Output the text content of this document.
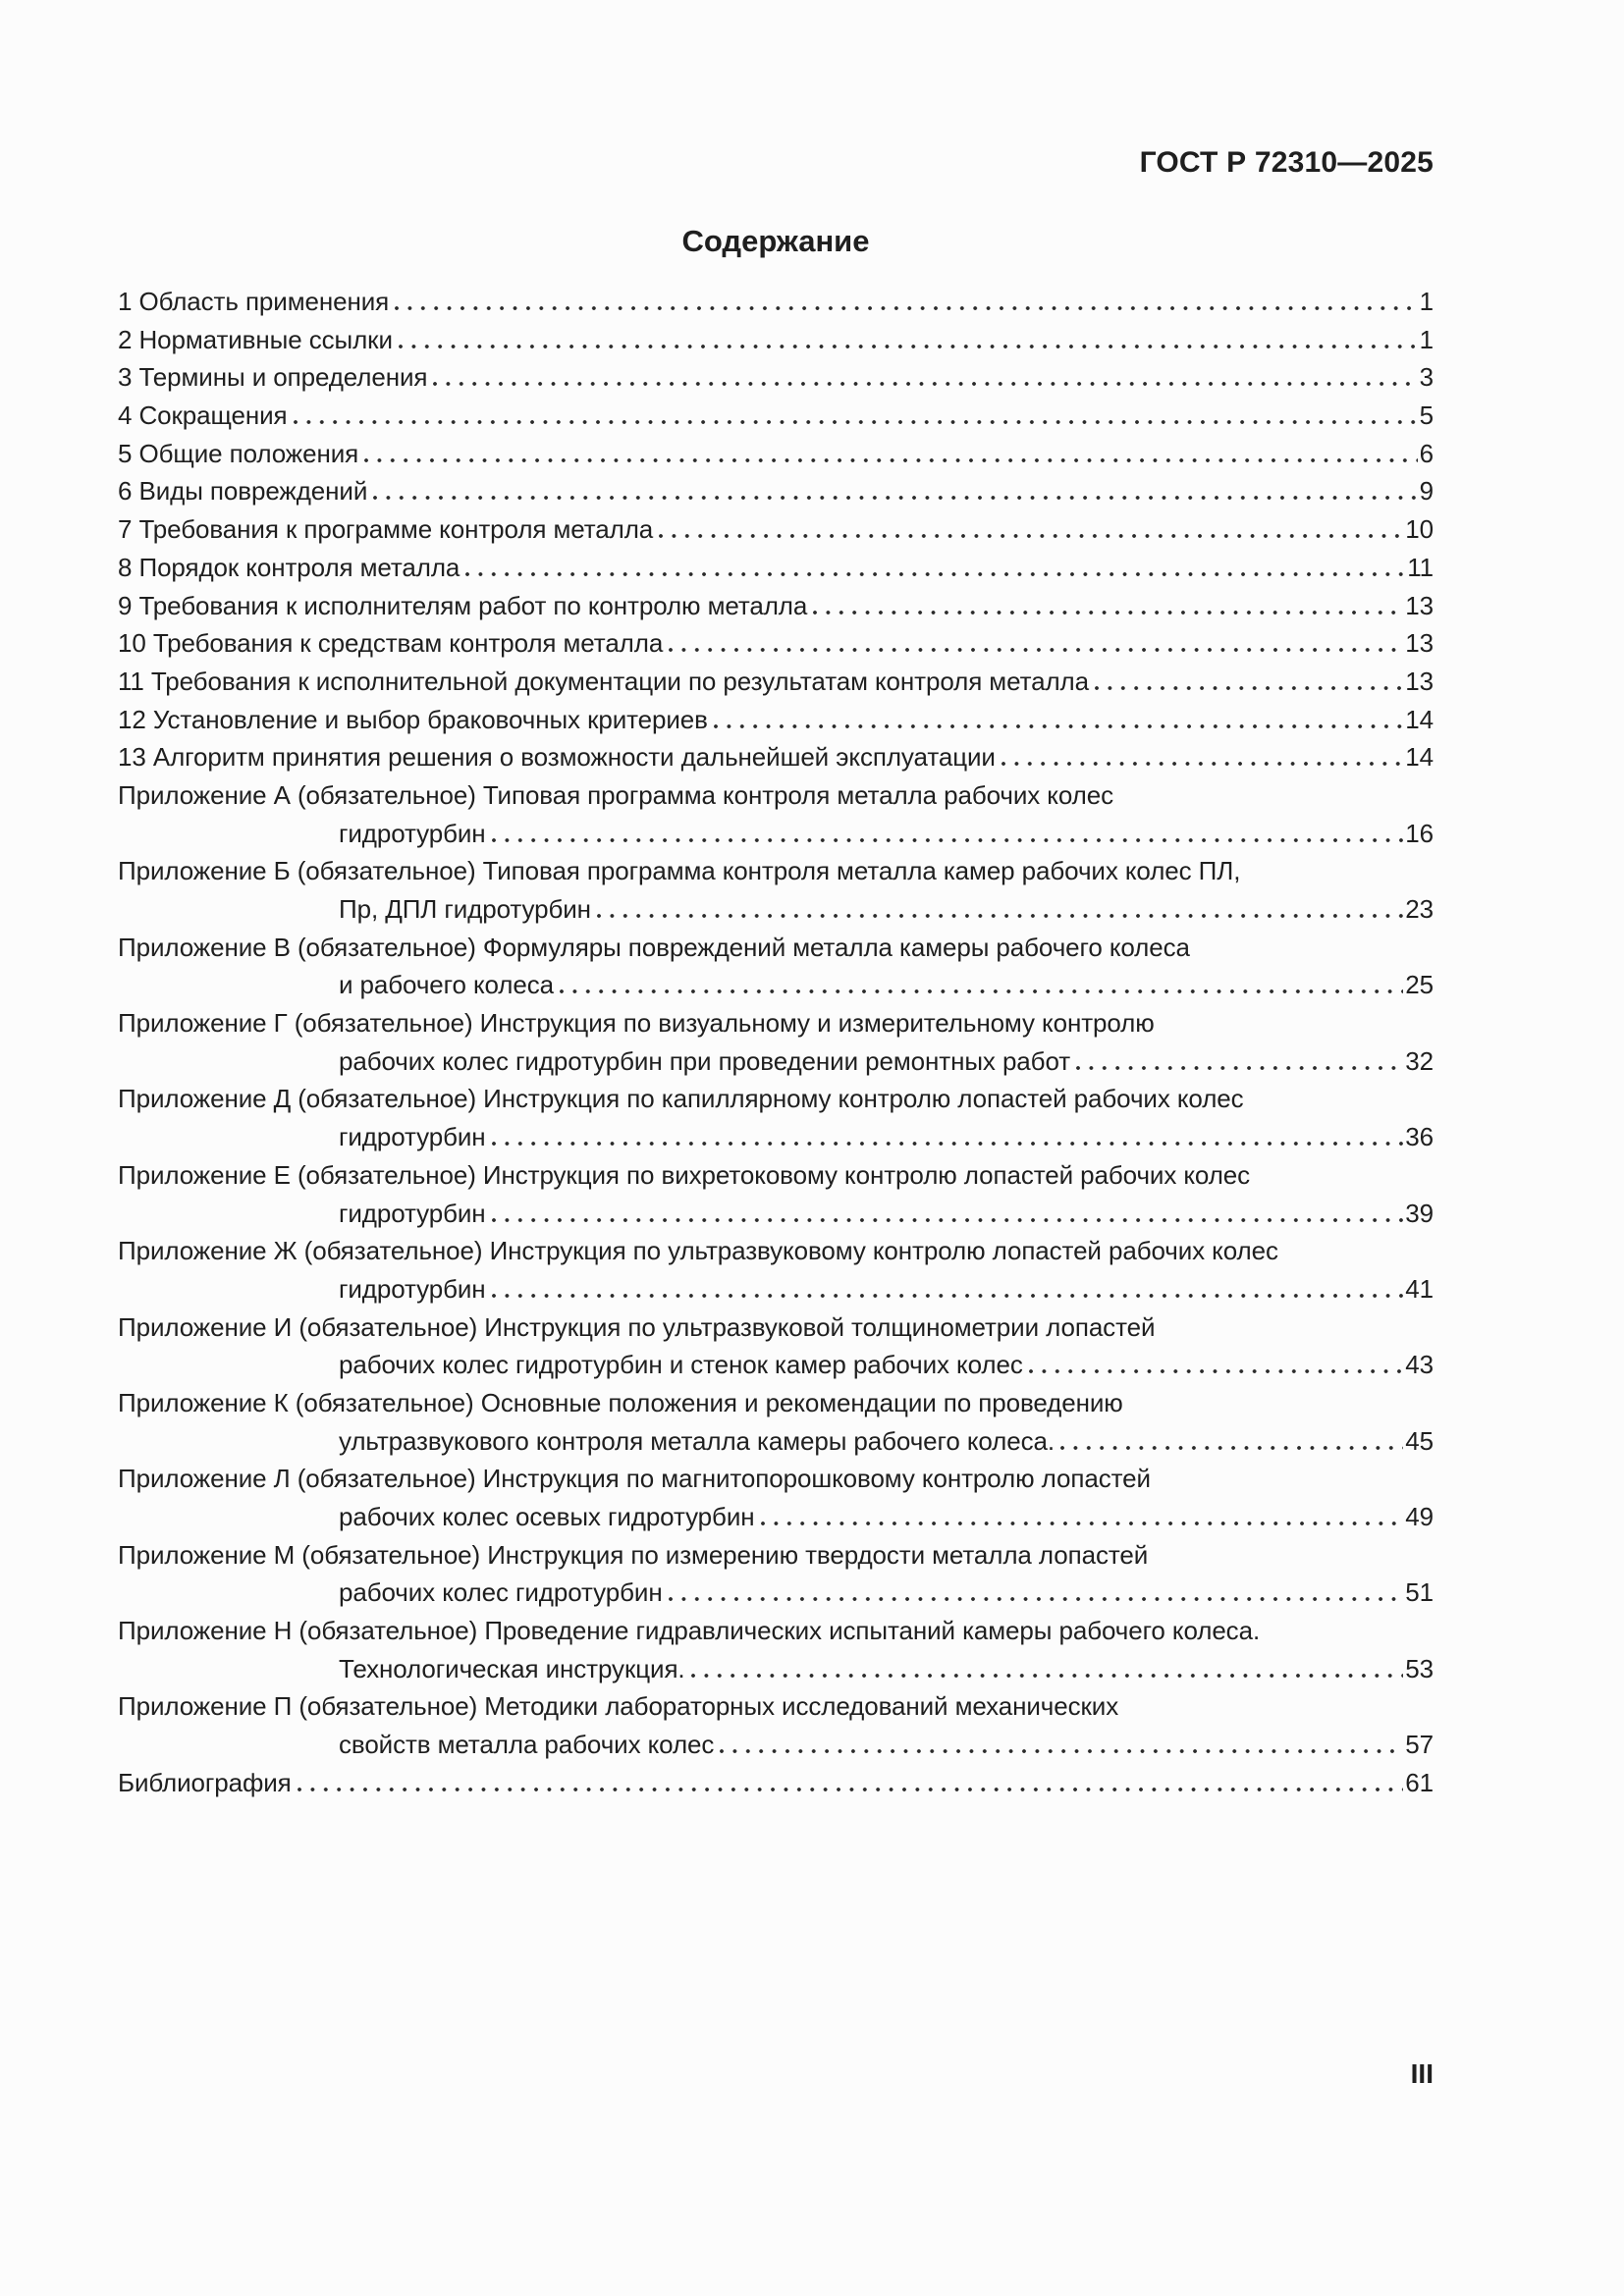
ГОСТ Р 72310—2025
Содержание
1 Область применения	1
2 Нормативные ссылки	1
3 Термины и определения	3
4 Сокращения	5
5 Общие положения	6
6 Виды повреждений	9
7 Требования к программе контроля металла	10
8 Порядок контроля металла	11
9 Требования к исполнителям работ по контролю металла	13
10 Требования к средствам контроля металла	13
11 Требования к исполнительной документации по результатам контроля металла	13
12 Установление и выбор браковочных критериев	14
13 Алгоритм принятия решения о возможности дальнейшей эксплуатации	14
Приложение А (обязательное) Типовая программа контроля металла рабочих колес
гидротурбин	16
Приложение Б (обязательное) Типовая программа контроля металла камер рабочих колес ПЛ,
Пр, ДПЛ гидротурбин	23
Приложение В (обязательное) Формуляры повреждений металла камеры рабочего колеса
и рабочего колеса	25
Приложение Г (обязательное) Инструкция по визуальному и измерительному контролю
рабочих колес гидротурбин при проведении ремонтных работ	32
Приложение Д (обязательное) Инструкция по капиллярному контролю лопастей рабочих колес
гидротурбин	36
Приложение Е (обязательное) Инструкция по вихретоковому контролю лопастей рабочих колес
гидротурбин	39
Приложение Ж (обязательное) Инструкция по ультразвуковому контролю лопастей рабочих колес
гидротурбин	41
Приложение И (обязательное) Инструкция по ультразвуковой толщинометрии лопастей
рабочих колес гидротурбин и стенок камер рабочих колес	43
Приложение К (обязательное) Основные положения и рекомендации по проведению
ультразвукового контроля металла камеры рабочего колеса.	45
Приложение Л (обязательное) Инструкция по магнитопорошковому контролю лопастей
рабочих колес осевых гидротурбин	49
Приложение М (обязательное) Инструкция по измерению твердости металла лопастей
рабочих колес гидротурбин	51
Приложение Н (обязательное) Проведение гидравлических испытаний камеры рабочего колеса.
Технологическая инструкция.	53
Приложение П (обязательное) Методики лабораторных исследований механических
свойств металла рабочих колес	57
Библиография	61
III
